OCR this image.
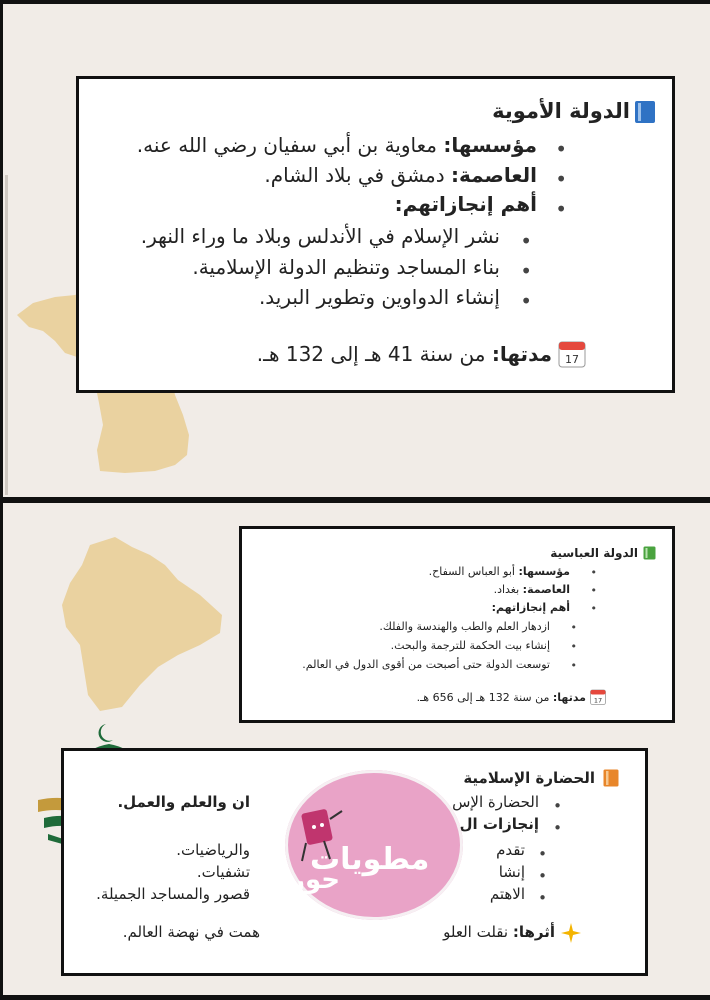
الدولة الأموية
•
مؤسسها: معاوية بن أبي سفيان رضي الله عنه.
•
العاصمة: دمشق في بلاد الشام.
•
أهم إنجازاتهم:
•
نشر الإسلام في الأندلس وبلاد ما وراء النهر.
•
بناء المساجد وتنظيم الدولة الإسلامية.
•
إنشاء الدواوين وتطوير البريد.
17
مدتها: من سنة 41 هـ إلى 132 هـ.
الدولة العباسية
•
مؤسسها: أبو العباس السفاح.
•
العاصمة: بغداد.
•
أهم إنجازاتهم:
•
ازدهار العلم والطب والهندسة والفلك.
•
إنشاء بيت الحكمة للترجمة والبحث.
•
توسعت الدولة حتى أصبحت من أقوى الدول في العالم.
17
مدتها: من سنة 132 هـ إلى 656 هـ.
الحضارة الإسلامية
•
الحضارة الإس
ان والعلم والعمل.
•
إنجازات ال
•
تقدم
والرياضيات.
•
إنشا
تشفيات.
•
الاهتم
قصور والمساجد الجميلة.
أثرها: نقلت العلو
همت في نهضة العالم.
مطويات
حور
